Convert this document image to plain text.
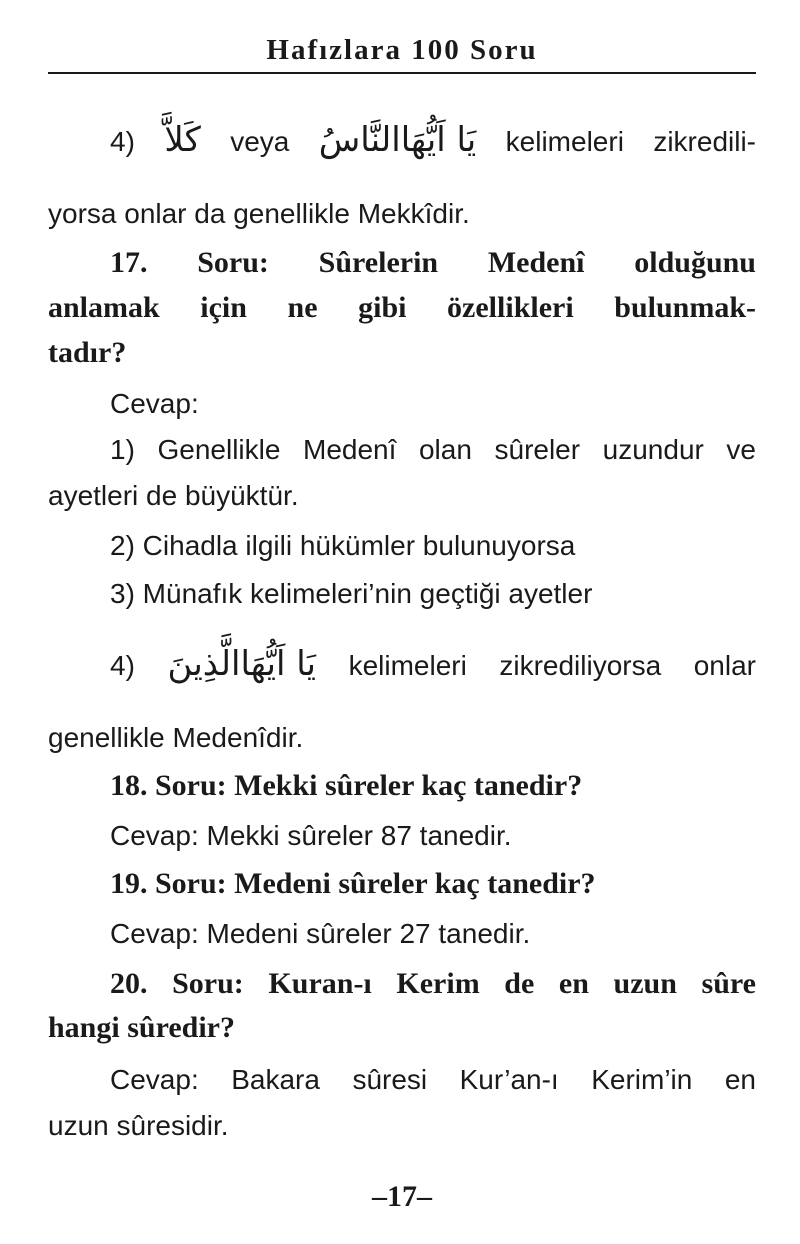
Hafızlara 100 Soru
4) كَلاَّ veya يَا اَيُّهَاالنَّاسُ kelimeleri zikredili-
yorsa onlar da genellikle Mekkîdir.
17. Soru: Sûrelerin Medenî olduğunu
anlamak için ne gibi özellikleri bulunmak-
tadır?
Cevap:
1) Genellikle Medenî olan sûreler uzundur ve
ayetleri de büyüktür.
2) Cihadla ilgili hükümler bulunuyorsa
3) Münafık kelimeleri’nin geçtiği ayetler
4) يَا اَيُّهَاالَّذِينَ kelimeleri zikrediliyorsa onlar
genellikle Medenîdir.
18. Soru: Mekki sûreler kaç tanedir?
Cevap: Mekki sûreler 87 tanedir.
19. Soru: Medeni sûreler kaç tanedir?
Cevap: Medeni sûreler 27 tanedir.
20. Soru: Kuran-ı Kerim de en uzun sûre
hangi sûredir?
Cevap: Bakara sûresi Kur’an-ı Kerim’in en
uzun sûresidir.
–17–
